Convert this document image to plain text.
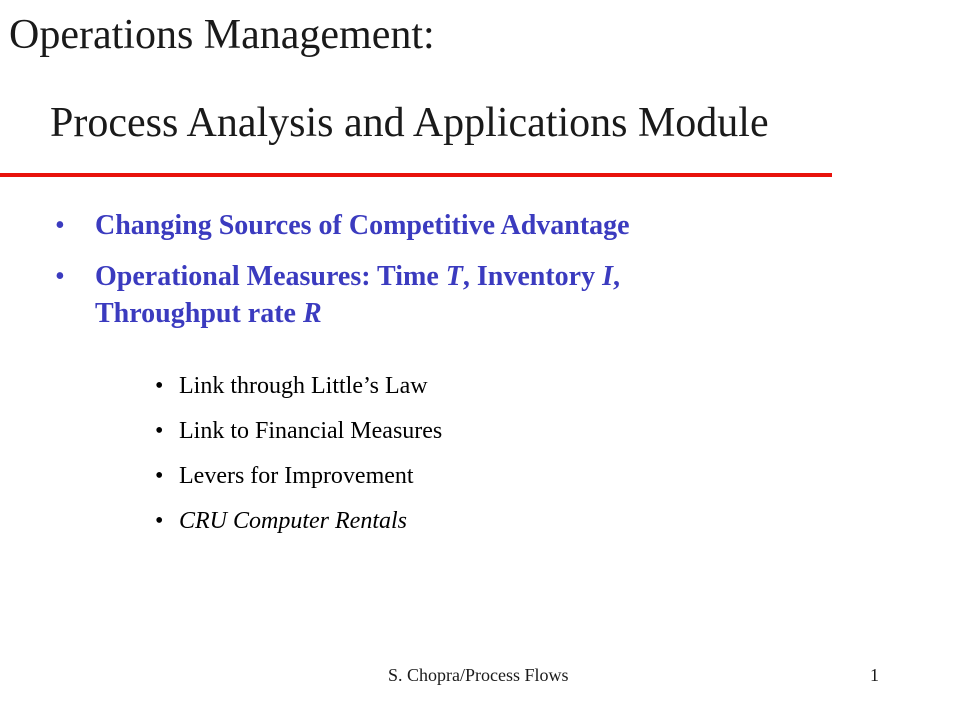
Operations Management:
Process Analysis and Applications Module
• Changing Sources of Competitive Advantage
• Operational Measures: Time T, Inventory I,
Throughput rate R
• Link through Little’s Law
• Link to Financial Measures
• Levers for Improvement
• CRU Computer Rentals
S. Chopra/Process Flows	1
